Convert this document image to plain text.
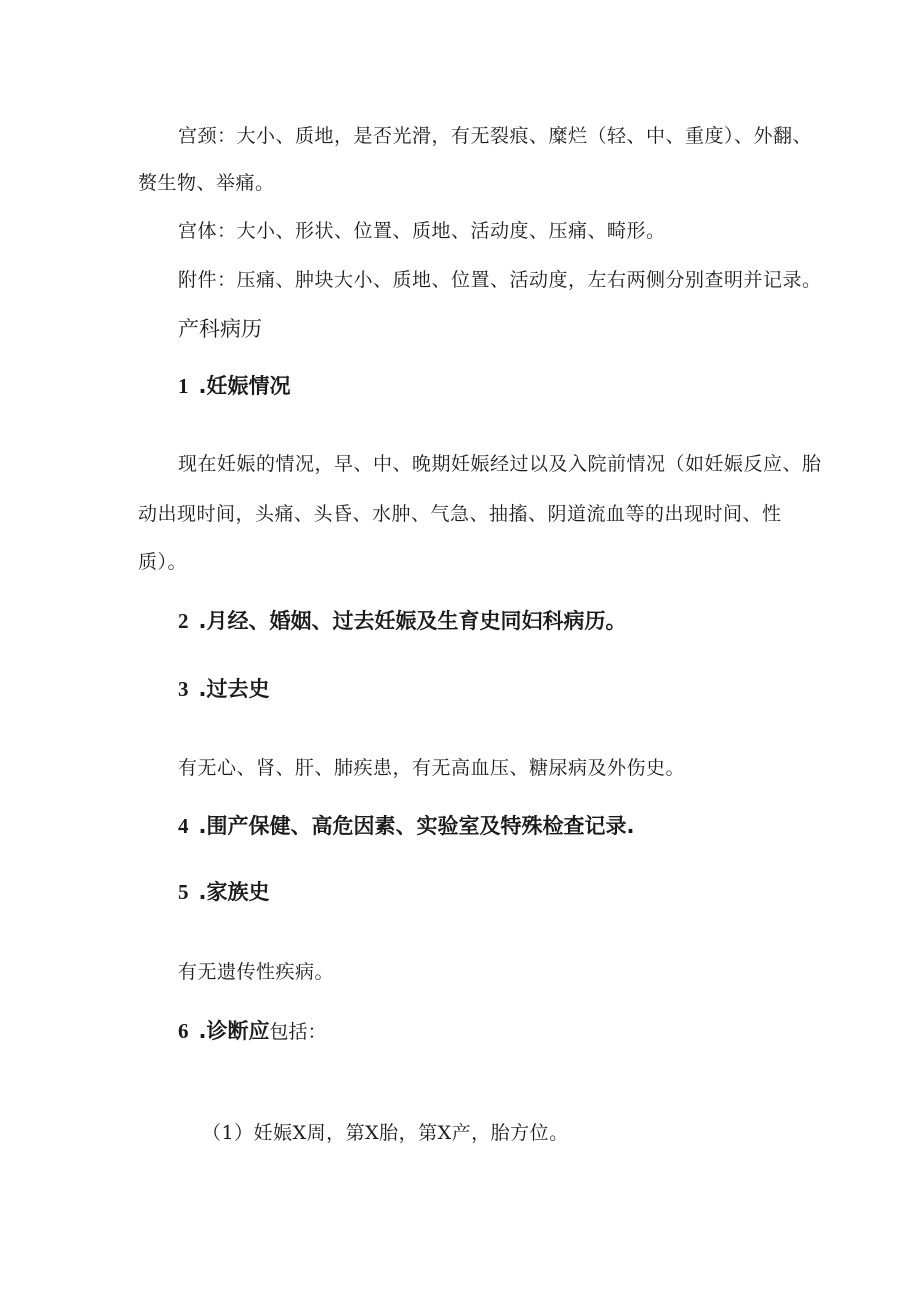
宫颈：大小、质地，是否光滑，有无裂痕、糜烂（轻、中、重度）、外翻、
赘生物、举痛。
宫体：大小、形状、位置、质地、活动度、压痛、畸形。
附件：压痛、肿块大小、质地、位置、活动度，左右两侧分别查明并记录。
产科病历
1 .妊娠情况
现在妊娠的情况，早、中、晚期妊娠经过以及入院前情况（如妊娠反应、胎
动出现时间，头痛、头昏、水肿、气急、抽搐、阴道流血等的出现时间、性
质）。
2 .月经、婚姻、过去妊娠及生育史同妇科病历。
3 .过去史
有无心、肾、肝、肺疾患，有无高血压、糖尿病及外伤史。
4 .围产保健、高危因素、实验室及特殊检查记录.
5 .家族史
有无遗传性疾病。
6 .诊断应包括：
（1）妊娠X周，第X胎，第X产，胎方位。
